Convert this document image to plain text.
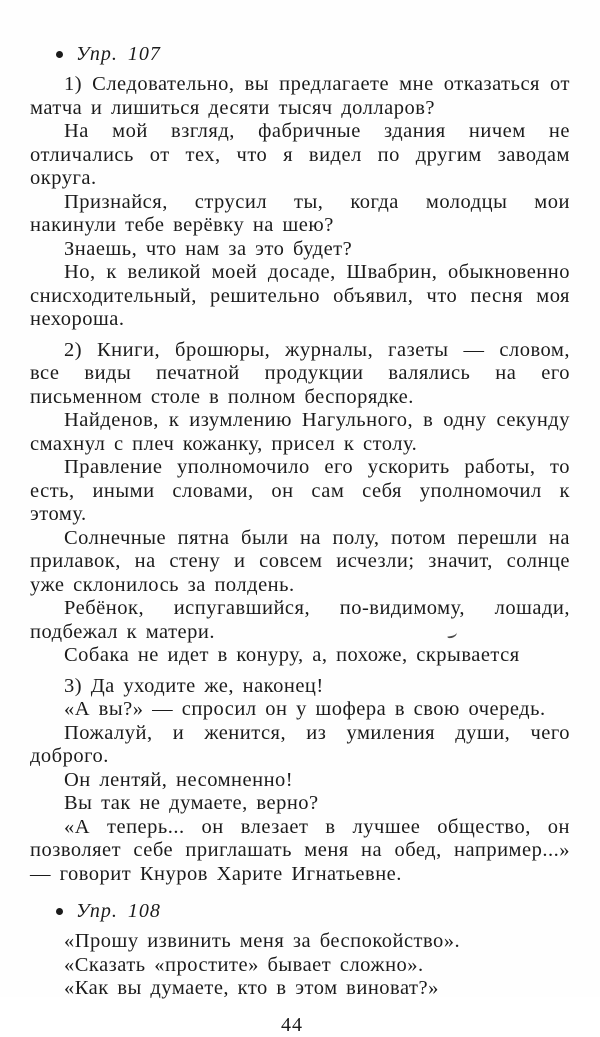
Упр. 107

1) Следовательно, вы предлагаете мне отказаться от матча и лишиться десяти тысяч долларов?

На мой взгляд, фабричные здания ничем не отличались от тех, что я видел по другим заводам округа.

Признайся, струсил ты, когда молодцы мои накинули тебе верёвку на шею?

Знаешь, что нам за это будет?

Но, к великой моей досаде, Швабрин, обыкновенно снисходительный, решительно объявил, что песня моя нехороша.

2) Книги, брошюры, журналы, газеты — словом, все виды печатной продукции валялись на его письменном столе в полном беспорядке.

Найденов, к изумлению Нагульного, в одну секунду смахнул с плеч кожанку, присел к столу.

Правление уполномочило его ускорить работы, то есть, иными словами, он сам себя уполномочил к этому.

Солнечные пятна были на полу, потом перешли на прилавок, на стену и совсем исчезли; значит, солнце уже склонилось за полдень.

Ребёнок, испугавшийся, по-видимому, лошади, подбежал к матери.

Собака не идет в конуру, а, похоже, скрывается

3) Да уходите же, наконец!

«А вы?» — спросил он у шофера в свою очередь.

Пожалуй, и женится, из умиления души, чего доброго.

Он лентяй, несомненно!

Вы так не думаете, верно?

«А теперь... он влезает в лучшее общество, он позволяет себе приглашать меня на обед, например...» — говорит Кнуров Харите Игнатьевне.

Упр. 108

«Прошу извинить меня за беспокойство».

«Сказать «простите» бывает сложно».

«Как вы думаете, кто в этом виноват?»

44
